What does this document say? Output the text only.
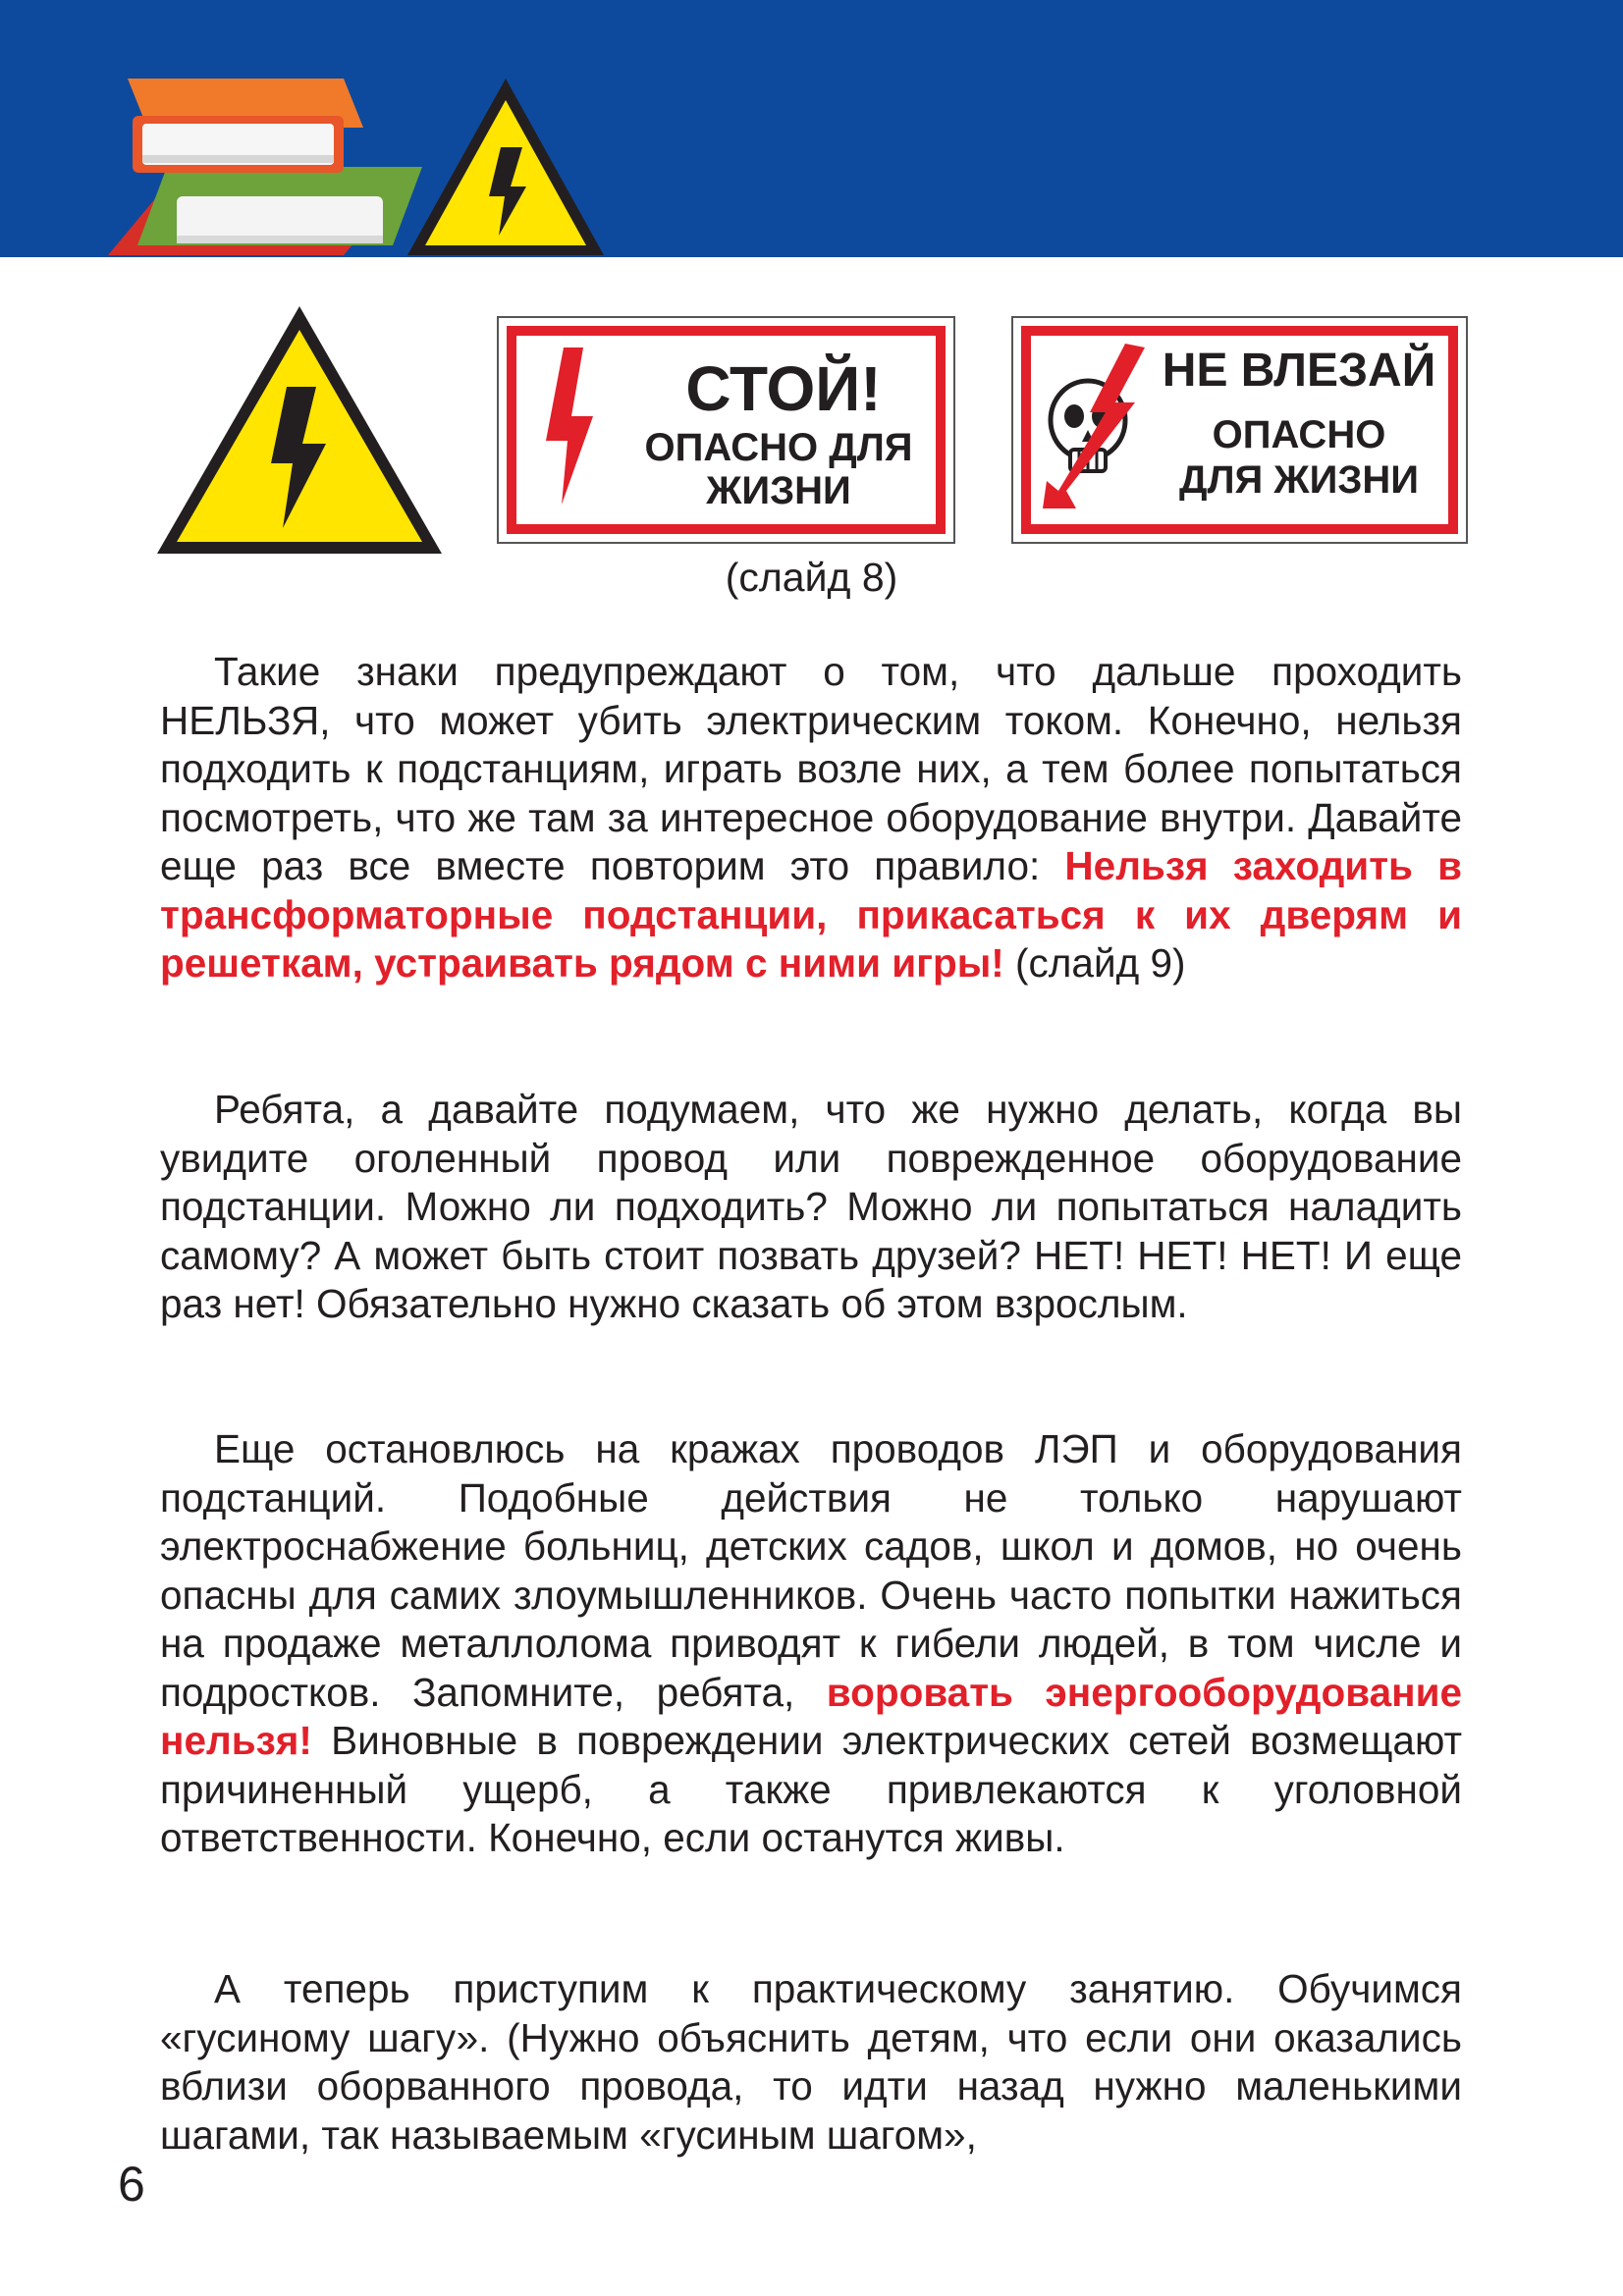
СТОЙ!
ОПАСНО ДЛЯ
ЖИЗНИ
НЕ ВЛЕЗАЙ
ОПАСНО
ДЛЯ ЖИЗНИ
(слайд 8)

Такие знаки предупреждают о том, что дальше проходить НЕЛЬЗЯ, что может убить электрическим током. Конечно, нельзя подходить к подстанциям, играть возле них, а тем более попытаться посмотреть, что же там за интересное оборудование внутри. Давайте еще раз все вместе повторим это правило: Нельзя заходить в трансформаторные подстанции, прикасаться к их дверям и решеткам, устраивать рядом с ними игры! (слайд 9)

Ребята, а давайте подумаем, что же нужно делать, когда вы увидите оголенный провод или поврежденное оборудование подстанции. Можно ли подходить? Можно ли попытаться наладить самому? А может быть стоит позвать друзей? НЕТ! НЕТ! НЕТ! И еще раз нет! Обязательно нужно сказать об этом взрослым.

Еще остановлюсь на кражах проводов ЛЭП и оборудования подстанций. Подобные действия не только нарушают электроснабжение больниц, детских садов, школ и домов, но очень опасны для самих злоумышленников. Очень часто попытки нажиться на продаже металлолома приводят к гибели людей, в том числе и подростков. Запомните, ребята, воровать энергооборудование нельзя! Виновные в повреждении электрических сетей возмещают причиненный ущерб, а также привлекаются к уголовной ответственности. Конечно, если останутся живы.

А теперь приступим к практическому занятию. Обучимся «гусиному шагу». (Нужно объяснить детям, что если они оказались вблизи оборванного провода, то идти назад нужно маленькими шагами, так называемым «гусиным шагом»,

6
